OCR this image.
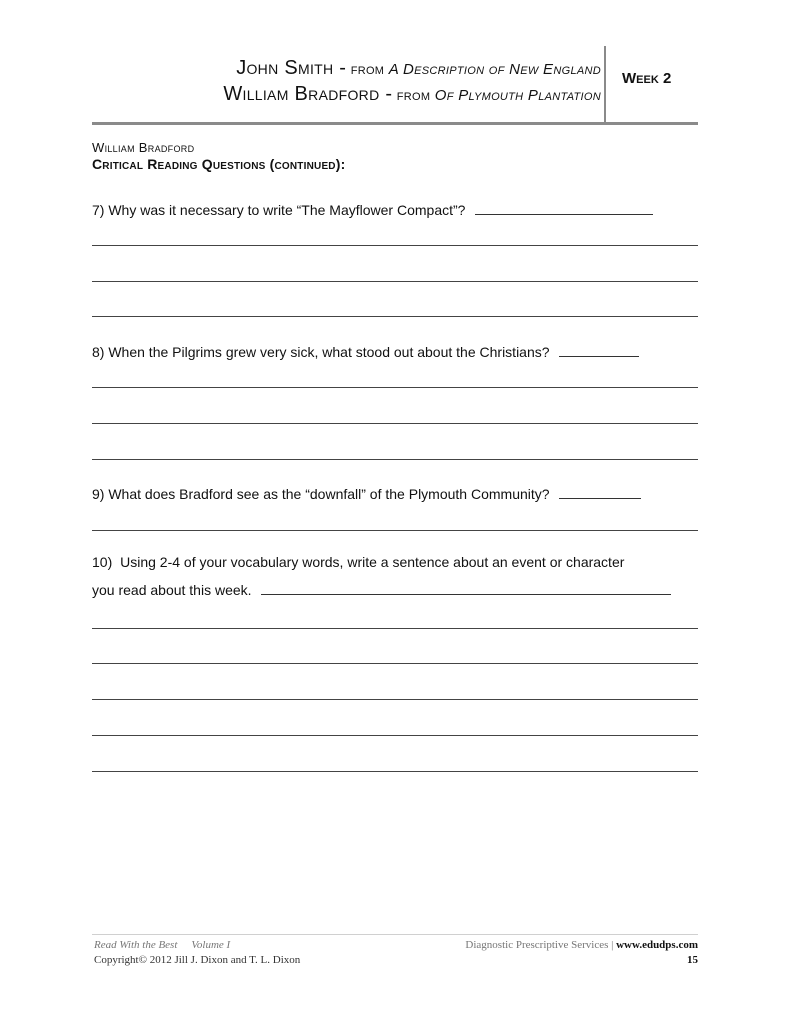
John Smith - from A Description of New England
William Bradford - from Of Plymouth Plantation
Week 2
William Bradford
Critical Reading Questions (continued):
7) Why was it necessary to write “The Mayflower Compact”?
8) When the Pilgrims grew very sick, what stood out about the Christians?
9) What does Bradford see as the “downfall” of the Plymouth Community?
10) Using 2-4 of your vocabulary words, write a sentence about an event or character
you read about this week.
Read With the Best Volume I
Copyright© 2012 Jill J. Dixon and T. L. Dixon
Diagnostic Prescriptive Services | www.edudps.com
15
